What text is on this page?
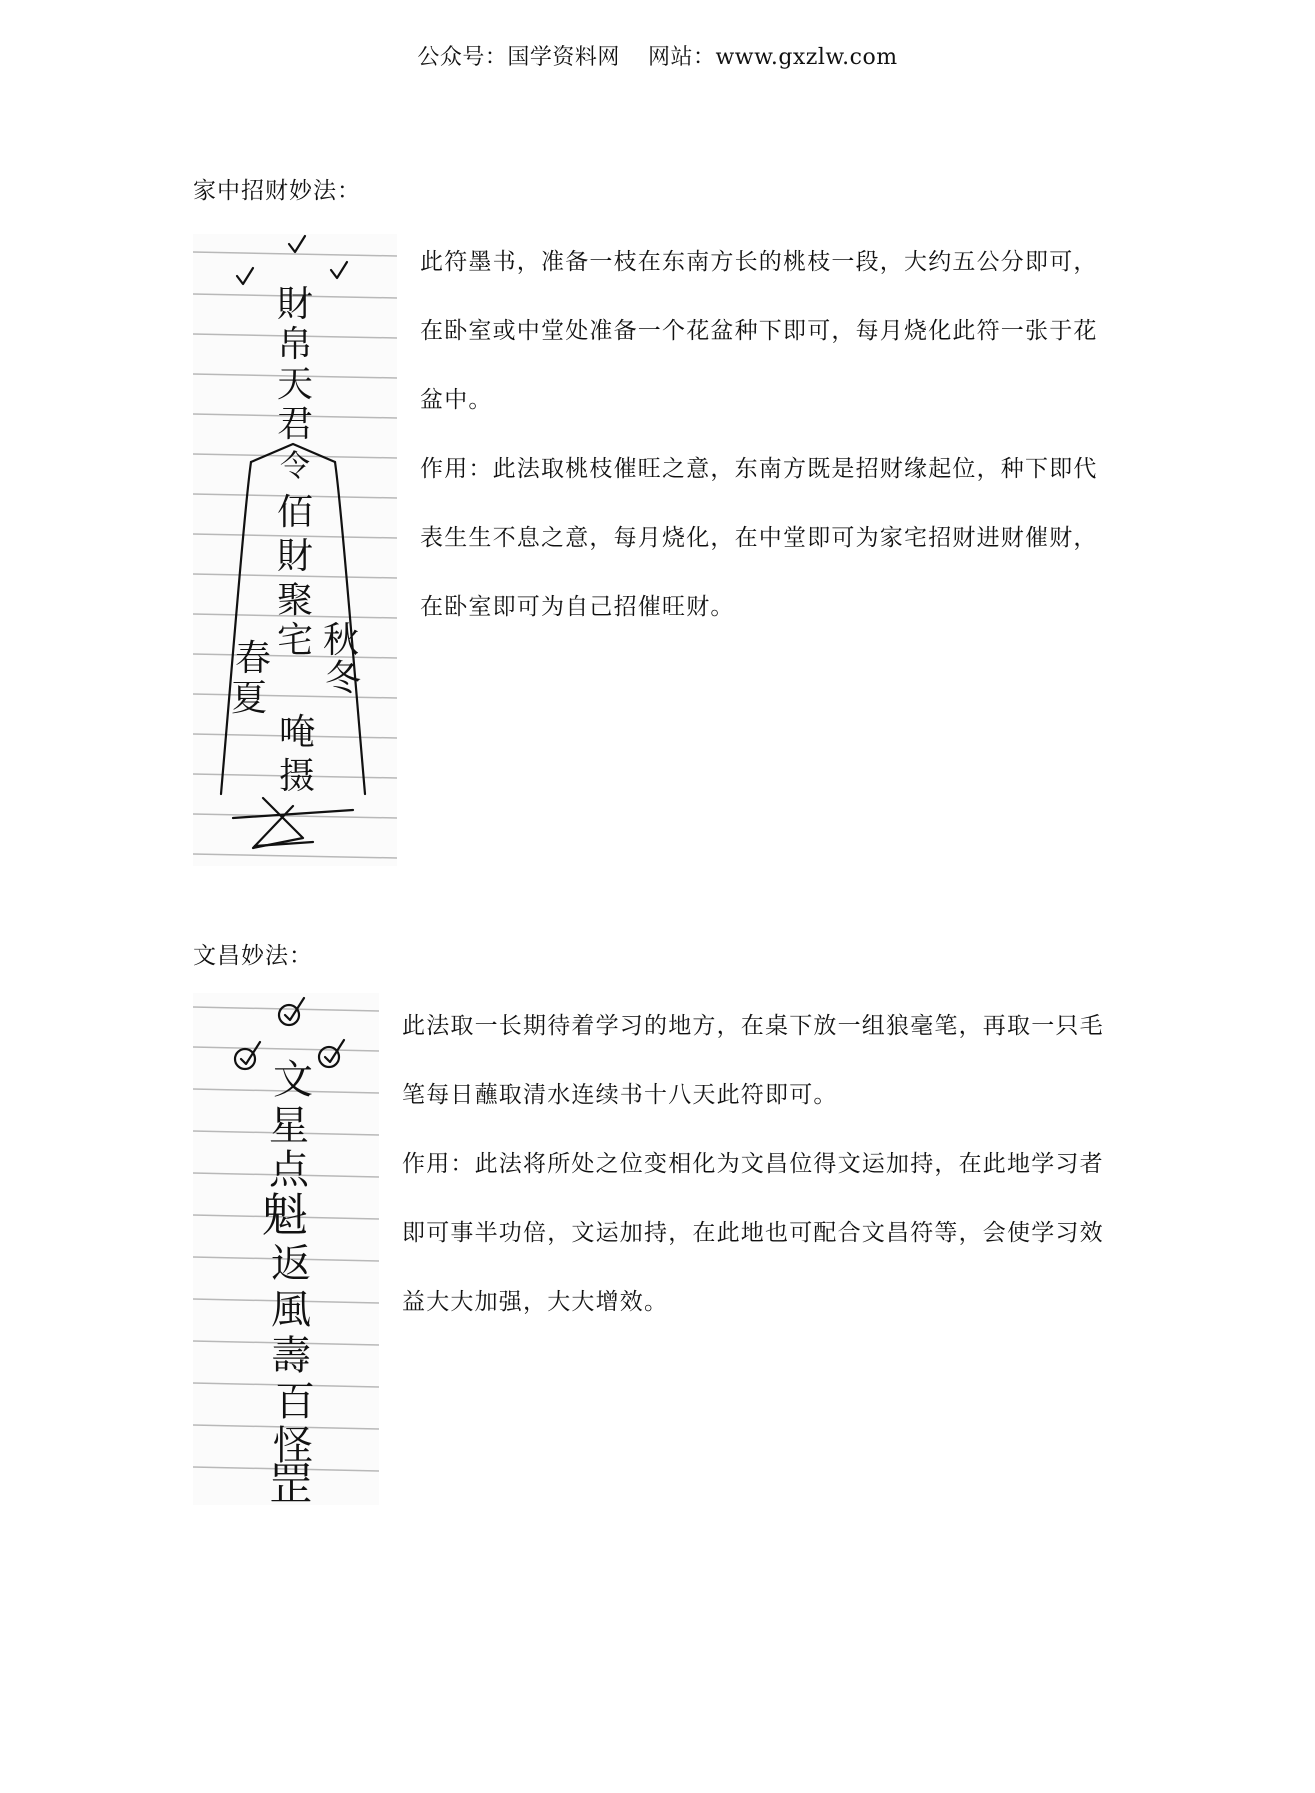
公众号：国学资料网 网站：www.gxzlw.com
家中招财妙法：
財
帛
天
君
令
佰
財
聚
宅
春
夏
秋
冬
唵
摄

此符墨书，准备一枝在东南方长的桃枝一段，大约五公分即可，在卧室或中堂处准备一个花盆种下即可，每月烧化此符一张于花盆中。

作用：此法取桃枝催旺之意，东南方既是招财缘起位，种下即代表生生不息之意，每月烧化，在中堂即可为家宅招财进财催财，在卧室即可为自己招催旺财。

文昌妙法：
文
星
点
魁
返
風
壽
百
怪
罡

此法取一长期待着学习的地方，在桌下放一组狼毫笔，再取一只毛笔每日蘸取清水连续书十八天此符即可。

作用：此法将所处之位变相化为文昌位得文运加持，在此地学习者即可事半功倍，文运加持，在此地也可配合文昌符等，会使学习效益大大加强，大大增效。
